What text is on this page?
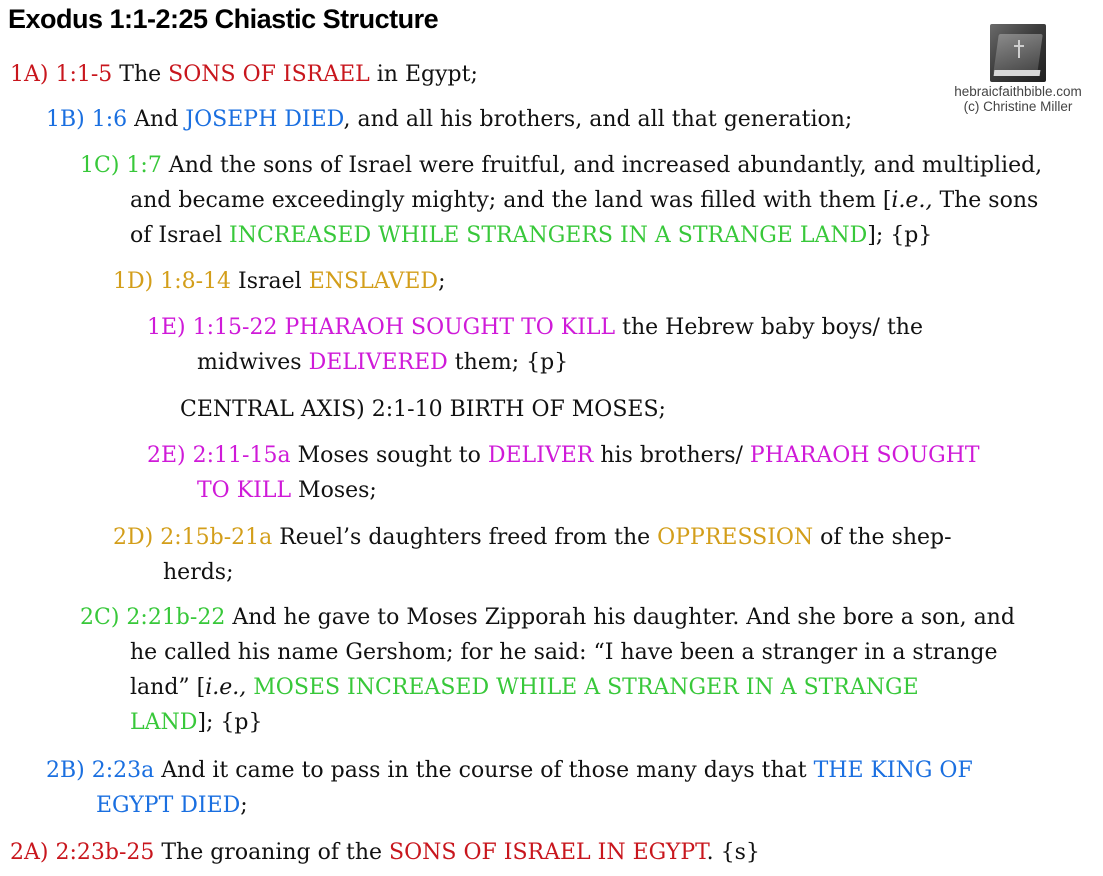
Exodus 1:1-2:25 Chiastic Structure
hebraicfaithbible.com
(c) Christine Miller

1A) 1:1-5 The SONS OF ISRAEL in Egypt;

1B) 1:6 And JOSEPH DIED, and all his brothers, and all that generation;

1C) 1:7 And the sons of Israel were fruitful, and increased abundantly, and multiplied,
and became exceedingly mighty; and the land was filled with them [i.e., The sons
of Israel INCREASED WHILE STRANGERS IN A STRANGE LAND]; {p}

1D) 1:8-14 Israel ENSLAVED;

1E) 1:15-22 PHARAOH SOUGHT TO KILL the Hebrew baby boys/ the
midwives DELIVERED them; {p}

CENTRAL AXIS) 2:1-10 BIRTH OF MOSES;

2E) 2:11-15a Moses sought to DELIVER his brothers/ PHARAOH SOUGHT
TO KILL Moses;
2D) 2:15b-21a Reuel’s daughters freed from the OPPRESSION of the shep-
herds;
2C) 2:21b-22 And he gave to Moses Zipporah his daughter. And she bore a son, and
he called his name Gershom; for he said: “I have been a stranger in a strange
land” [i.e., MOSES INCREASED WHILE A STRANGER IN A STRANGE
LAND]; {p}
2B) 2:23a And it came to pass in the course of those many days that THE KING OF
EGYPT DIED;

2A) 2:23b-25 The groaning of the SONS OF ISRAEL IN EGYPT. {s}
